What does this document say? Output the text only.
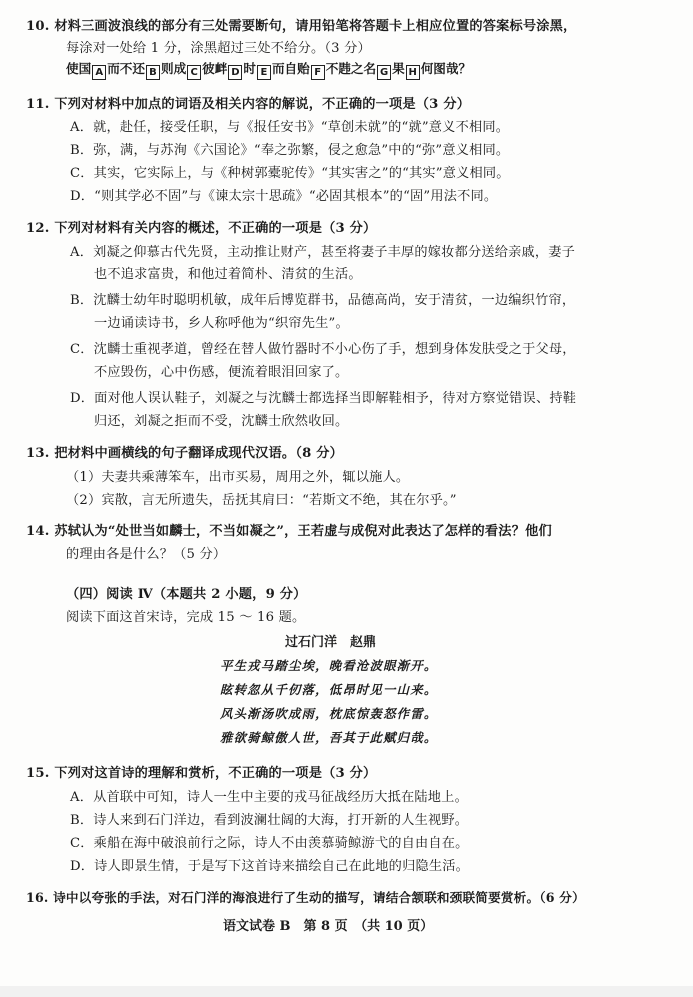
10. 材料三画波浪线的部分有三处需要断句，请用铅笔将答题卡上相应位置的答案标号涂黑，
每涂对一处给 1 分，涂黑超过三处不给分。（3 分）
使国 A 而不还 B 则成 C 彼衅 D 时 E 而自贻 F 不韪之名 G 果 H 何图哉？
11. 下列对材料中加点的词语及相关内容的解说，不正确的一项是（3 分）
A．就，赴任，接受任职，与《报任安书》“草创未就”的“就”意义不相同。
B．弥，满，与苏洵《六国论》“奉之弥繁，侵之愈急”中的“弥”意义相同。
C．其实，它实际上，与《种树郭橐驼传》“其实害之”的“其实”意义相同。
D．“则其学必不固”与《谏太宗十思疏》“必固其根本”的“固”用法不同。
12. 下列对材料有关内容的概述，不正确的一项是（3 分）
A．刘凝之仰慕古代先贤，主动推让财产，甚至将妻子丰厚的嫁妆都分送给亲戚，妻子
也不追求富贵，和他过着简朴、清贫的生活。
B．沈麟士幼年时聪明机敏，成年后博览群书，品德高尚，安于清贫，一边编织竹帘，
一边诵读诗书，乡人称呼他为“织帘先生”。
C．沈麟士重视孝道，曾经在替人做竹器时不小心伤了手，想到身体发肤受之于父母，
不应毁伤，心中伤感，便流着眼泪回家了。
D．面对他人误认鞋子，刘凝之与沈麟士都选择当即解鞋相予，待对方察觉错误、持鞋
归还，刘凝之拒而不受，沈麟士欣然收回。
13. 把材料中画横线的句子翻译成现代汉语。（8 分）
（1）夫妻共乘薄笨车，出市买易，周用之外，辄以施人。
（2）宾散，言无所遗失，岳抚其肩曰：“若斯文不绝，其在尔乎。”
14. 苏轼认为“处世当如麟士，不当如凝之”，王若虚与成倪对此表达了怎样的看法？他们
的理由各是什么？（5 分）
（四）阅读 Ⅳ（本题共 2 小题，9 分）
阅读下面这首宋诗，完成 15 ～ 16 题。
过石门洋　赵鼎
平生戎马踏尘埃，晚看沧波眼渐开。
眩转忽从千仞落，低昂时见一山来。
风头渐汤吹成雨，枕底惊轰怒作雷。
雅欲骑鲸傲人世，吾其于此赋归哉。
15. 下列对这首诗的理解和赏析，不正确的一项是（3 分）
A．从首联中可知，诗人一生中主要的戎马征战经历大抵在陆地上。
B．诗人来到石门洋边，看到波澜壮阔的大海，打开新的人生视野。
C．乘船在海中破浪前行之际，诗人不由羡慕骑鲸游弋的自由自在。
D．诗人即景生情，于是写下这首诗来描绘自己在此地的归隐生活。
16. 诗中以夸张的手法，对石门洋的海浪进行了生动的描写，请结合颔联和颈联简要赏析。（6 分）
语文试卷 B　第 8 页　（共 10 页）
